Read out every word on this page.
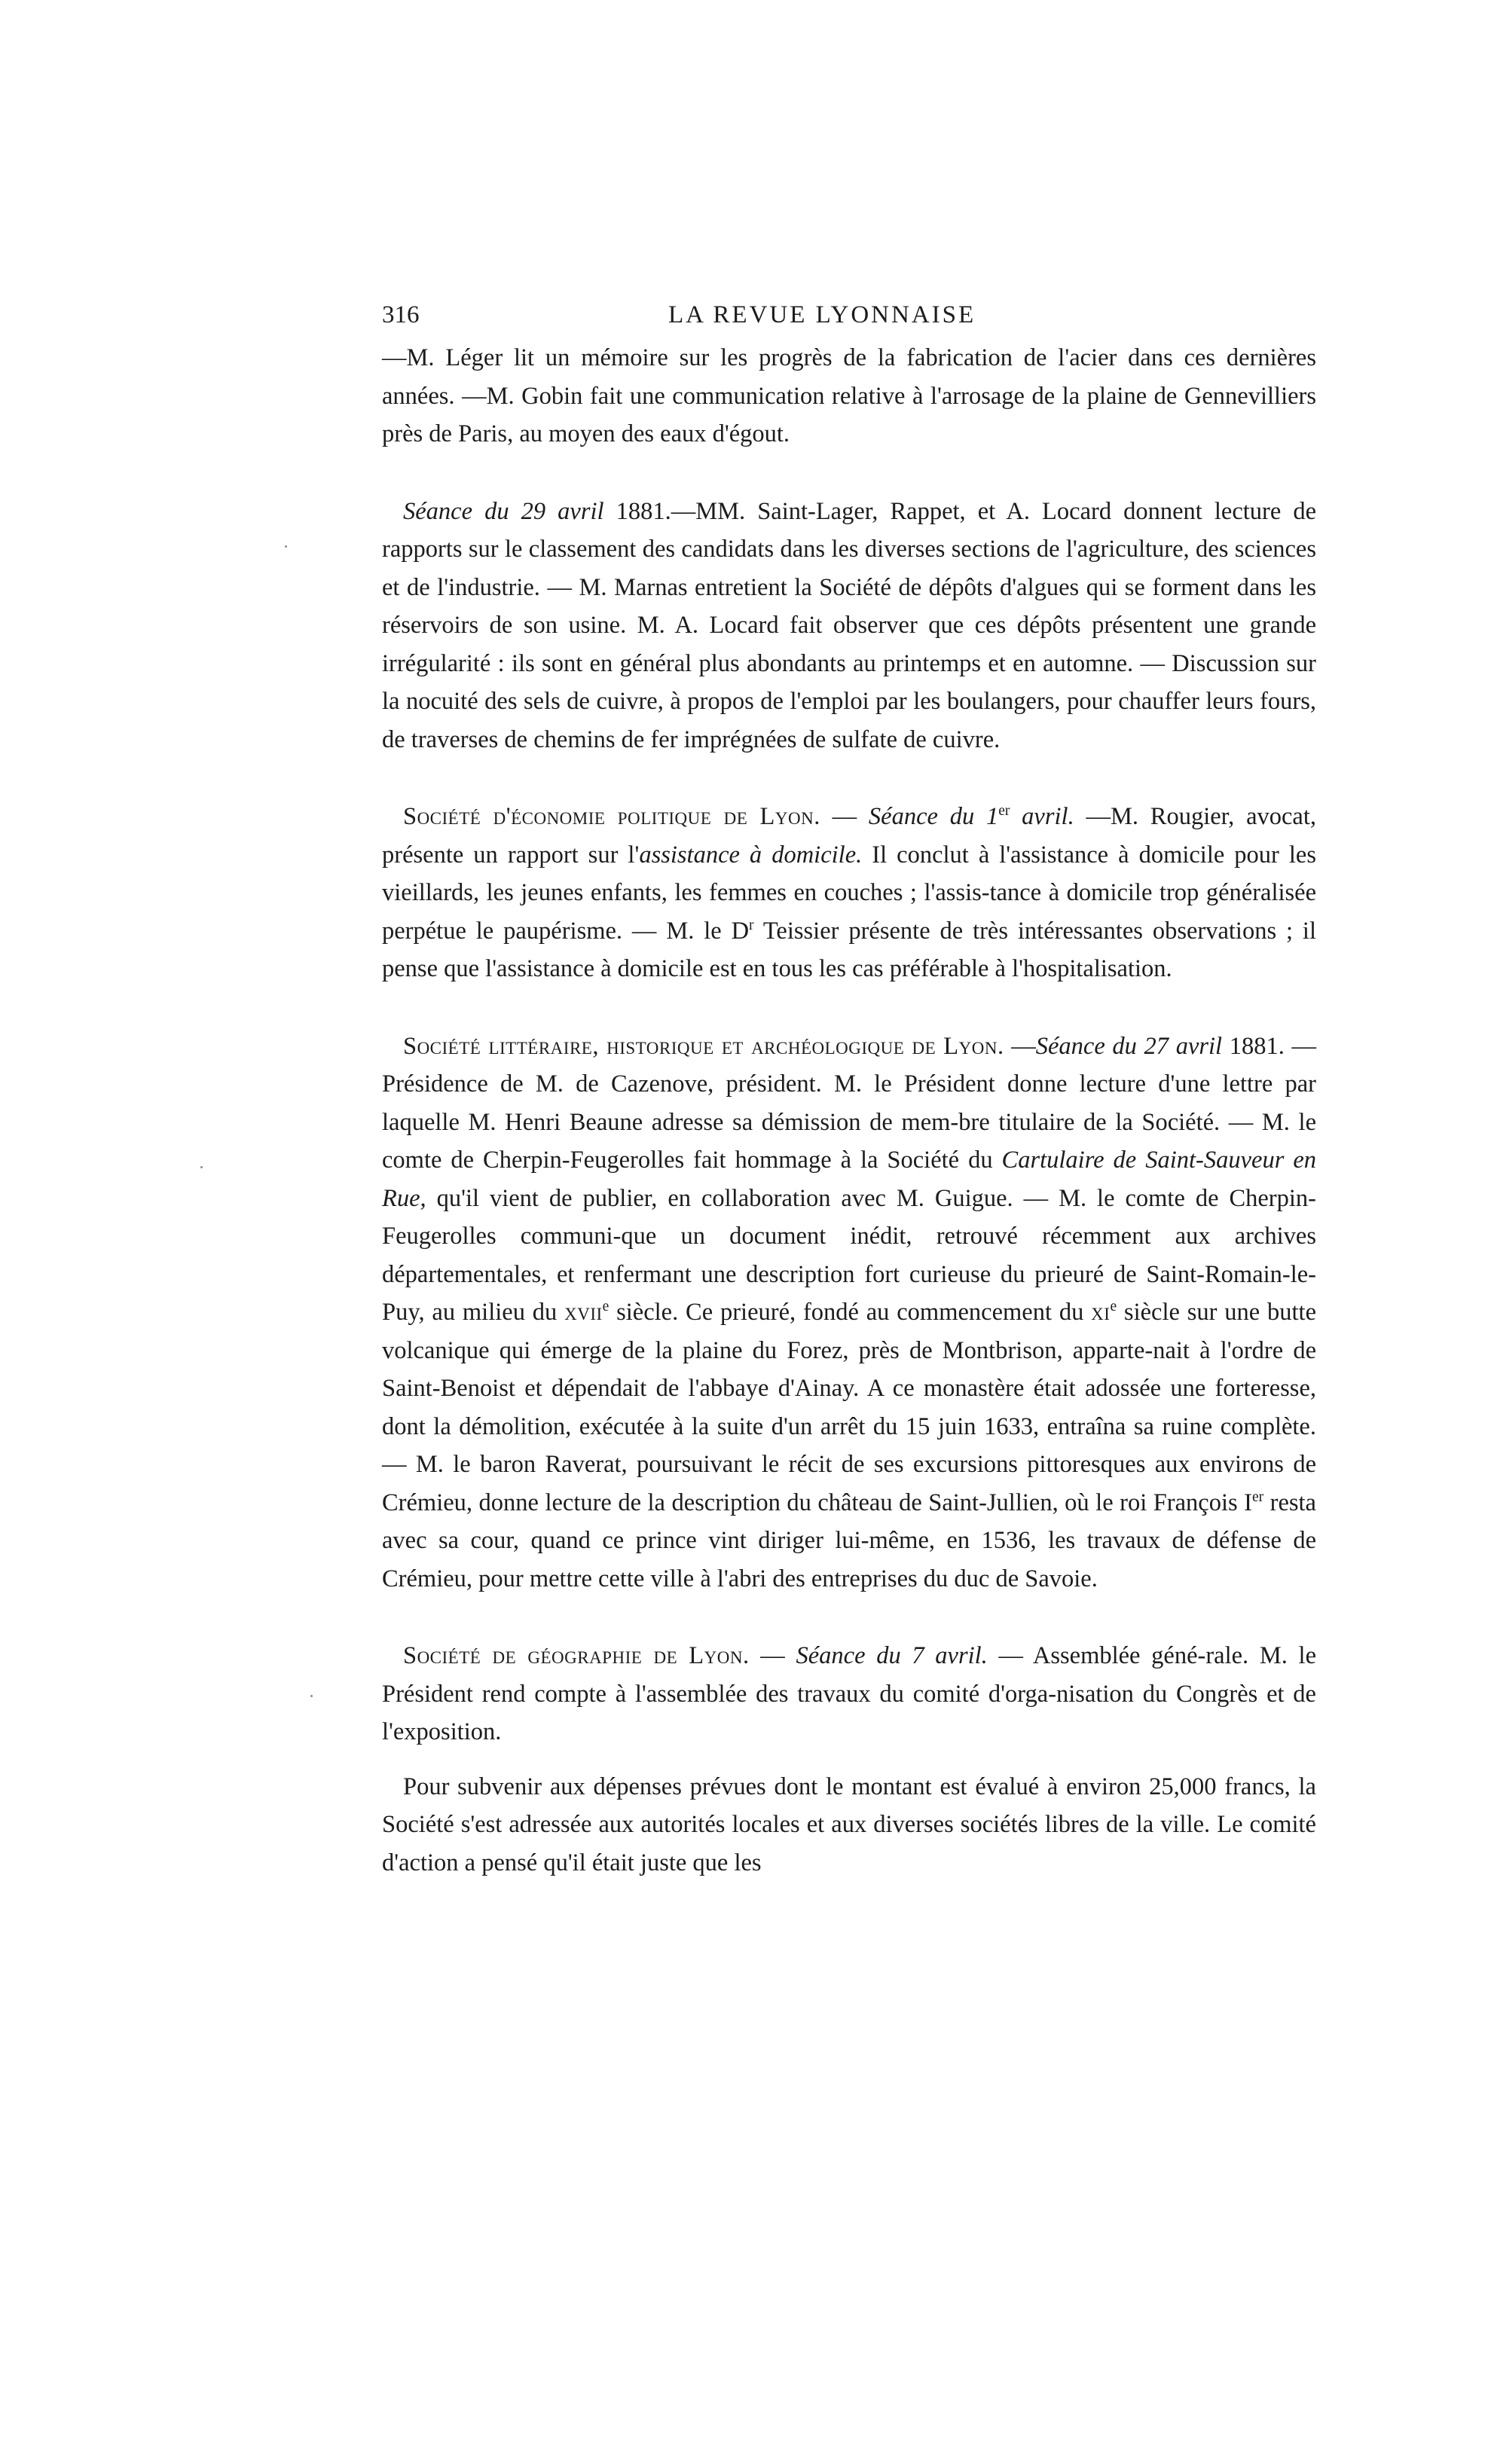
316	LA REVUE LYONNAISE

—M. Léger lit un mémoire sur les progrès de la fabrication de l'acier dans ces dernières années. —M. Gobin fait une communication relative à l'arrosage de la plaine de Gennevilliers près de Paris, au moyen des eaux d'égout.

Séance du 29 avril 1881.—MM. Saint-Lager, Rappet, et A. Locard donnent lecture de rapports sur le classement des candidats dans les diverses sections de l'agriculture, des sciences et de l'industrie. — M. Marnas entretient la Société de dépôts d'algues qui se forment dans les réservoirs de son usine. M. A. Locard fait observer que ces dépôts présentent une grande irrégularité : ils sont en général plus abondants au printemps et en automne. — Discussion sur la nocuité des sels de cuivre, à propos de l'emploi par les boulangers, pour chauffer leurs fours, de traverses de chemins de fer imprégnées de sulfate de cuivre.

Société d'économie politique de Lyon. — Séance du 1er avril. —M. Rougier, avocat, présente un rapport sur l'assistance à domicile. Il conclut à l'assistance à domicile pour les vieillards, les jeunes enfants, les femmes en couches ; l'assis-tance à domicile trop généralisée perpétue le paupérisme. — M. le $D^r$ Teissier présente de très intéressantes observations ; il pense que l'assistance à domicile est en tous les cas préférable à l'hospitalisation.

Société littéraire, historique et archéologique de Lyon. —Séance du 27 avril 1881. — Présidence de M. de Cazenove, président. M. le Président donne lecture d'une lettre par laquelle M. Henri Beaune adresse sa démission de mem-bre titulaire de la Société. — M. le comte de Cherpin-Feugerolles fait hommage à la Société du Cartulaire de Saint-Sauveur en Rue, qu'il vient de publier, en collaboration avec M. Guigue. — M. le comte de Cherpin-Feugerolles communi-que un document inédit, retrouvé récemment aux archives départementales, et renfermant une description fort curieuse du prieuré de Saint-Romain-le-Puy, au milieu du xvii$^e$ siècle. Ce prieuré, fondé au commencement du $xi^e$ siècle sur une butte volcanique qui émerge de la plaine du Forez, près de Montbrison, apparte-nait à l'ordre de Saint-Benoist et dépendait de l'abbaye d'Ainay. A ce monastère était adossée une forteresse, dont la démolition, exécutée à la suite d'un arrêt du 15 juin 1633, entraîna sa ruine complète. — M. le baron Raverat, poursuivant le récit de ses excursions pittoresques aux environs de Crémieu, donne lecture de la description du château de Saint-Jullien, où le roi François Ier resta avec sa cour, quand ce prince vint diriger lui-même, en 1536, les travaux de défense de Crémieu, pour mettre cette ville à l'abri des entreprises du duc de Savoie.

Société de géographie de Lyon. — Séance du 7 avril. — Assemblée géné-rale. M. le Président rend compte à l'assemblée des travaux du comité d'orga-nisation du Congrès et de l'exposition.

Pour subvenir aux dépenses prévues dont le montant est évalué à environ 25,000 francs, la Société s'est adressée aux autorités locales et aux diverses sociétés libres de la ville. Le comité d'action a pensé qu'il était juste que les
